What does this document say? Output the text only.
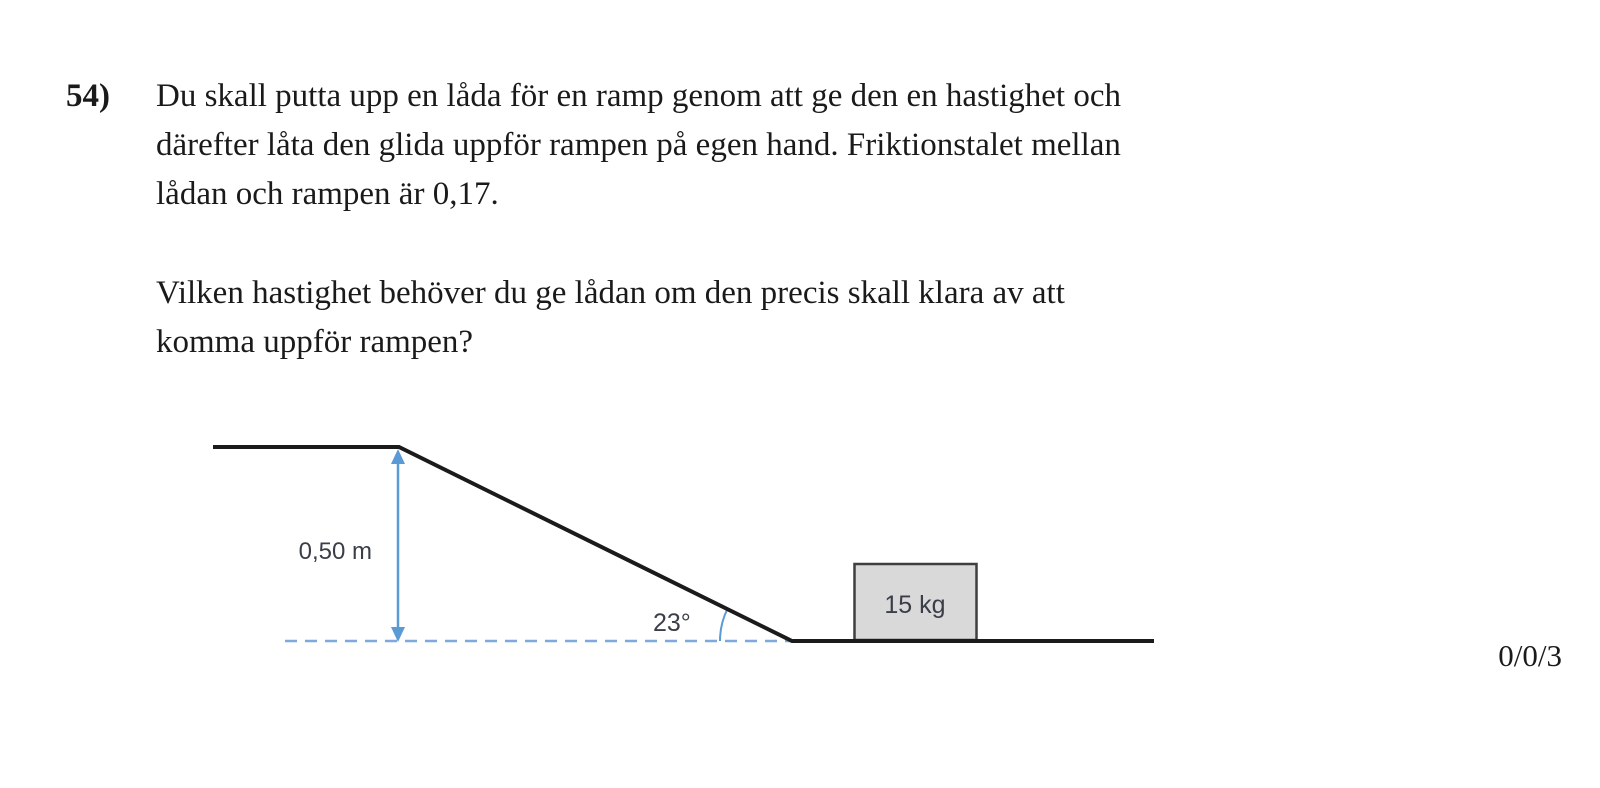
54) Du skall putta upp en låda för en ramp genom att ge den en hastighet och
därefter låta den glida uppför rampen på egen hand. Friktionstalet mellan
lådan och rampen är 0,17.
Vilken hastighet behöver du ge lådan om den precis skall klara av att
komma uppför rampen?
0,50 m
23°
15 kg
0/0/3
